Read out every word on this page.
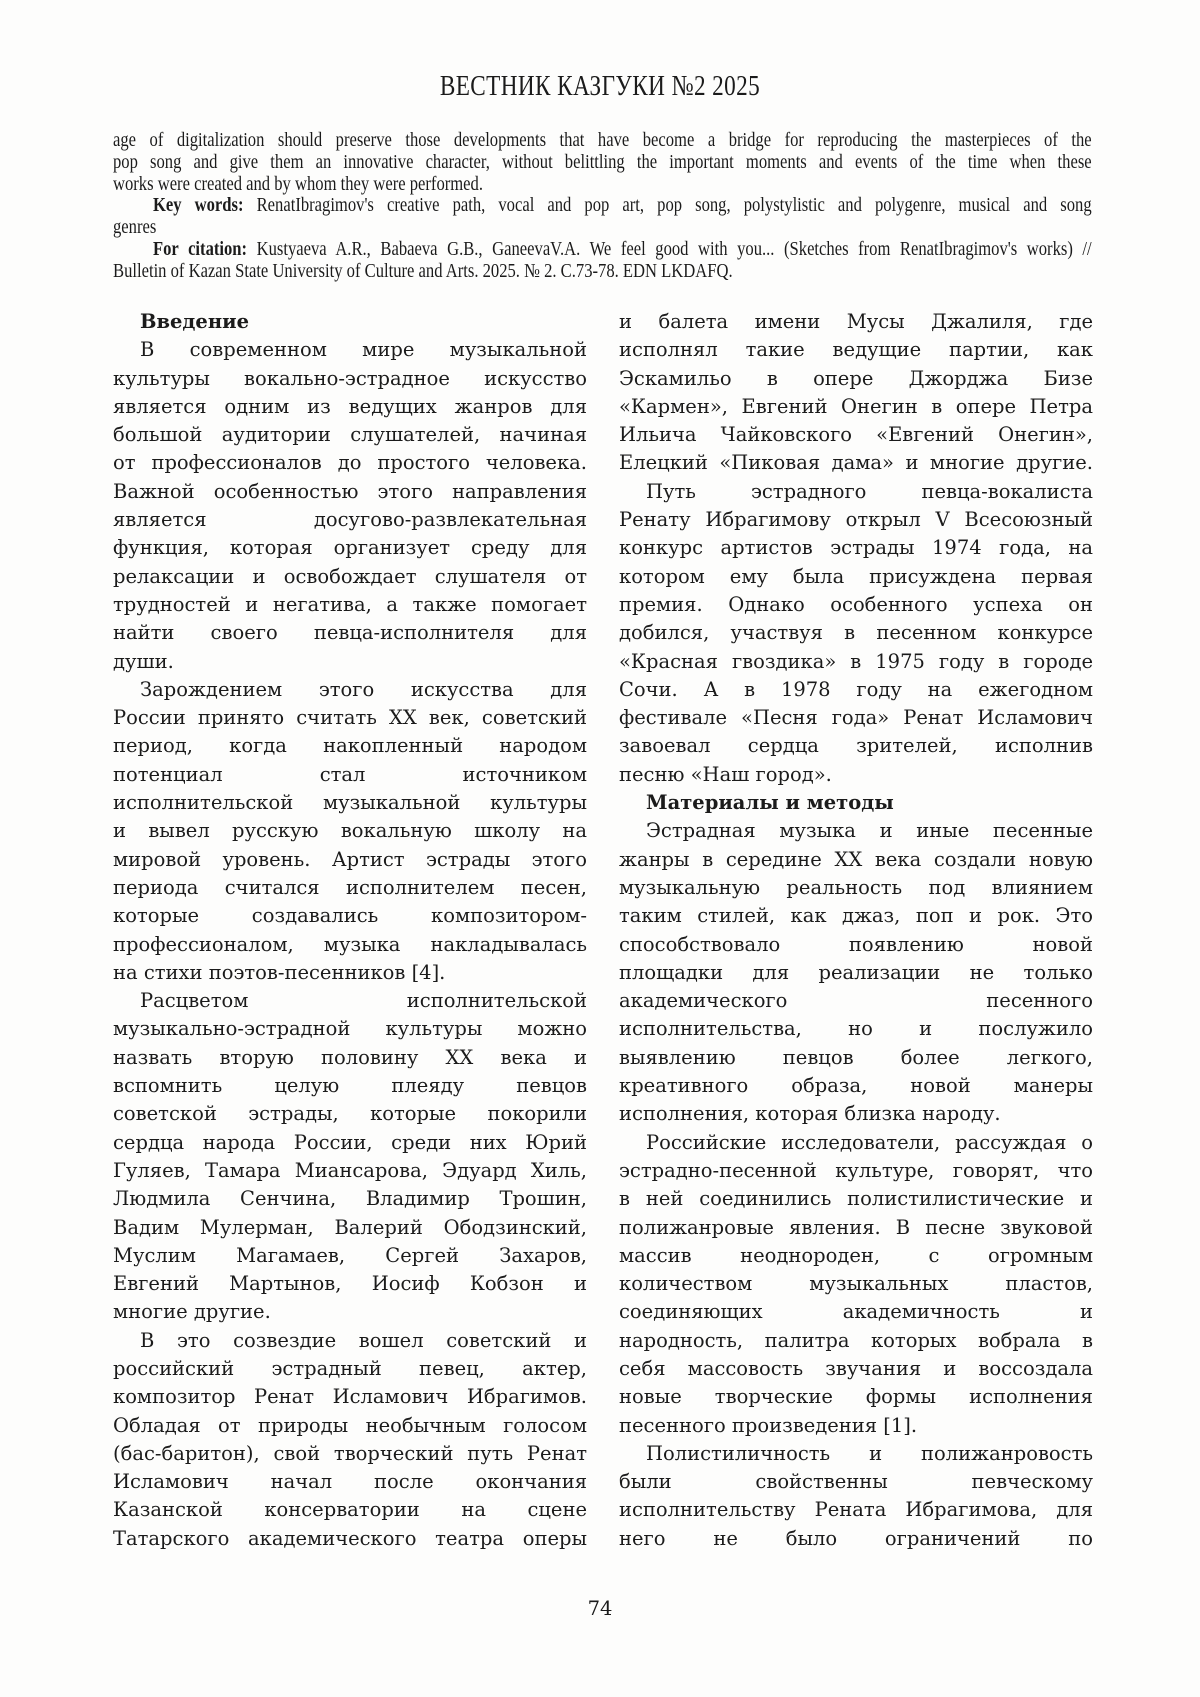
ВЕСТНИК КАЗГУКИ №2 2025
age of digitalization should preserve those developments that have become a bridge for reproducing the masterpieces of the
pop song and give them an innovative character, without belittling the important moments and events of the time when these
works were created and by whom they were performed.
Key words: RenatIbragimov's creative path, vocal and pop art, pop song, polystylistic and polygenre, musical and song
genres
For citation: Kustyaeva A.R., Babaeva G.B., GaneevaV.A. We feel good with you... (Sketches from RenatIbragimov's works) //
Bulletin of Kazan State University of Culture and Arts. 2025. № 2. С.73-78. EDN LKDAFQ.
Введение
В современном мире музыкальной
культуры вокально-эстрадное искусство
является одним из ведущих жанров для
большой аудитории слушателей, начиная
от профессионалов до простого человека.
Важной особенностью этого направления
является досугово-развлекательная
функция, которая организует среду для
релаксации и освобождает слушателя от
трудностей и негатива, а также помогает
найти своего певца-исполнителя для
души.
Зарождением этого искусства для
России принято считать XX век, советский
период, когда накопленный народом
потенциал стал источником
исполнительской музыкальной культуры
и вывел русскую вокальную школу на
мировой уровень. Артист эстрады этого
периода считался исполнителем песен,
которые создавались композитором-
профессионалом, музыка накладывалась
на стихи поэтов-песенников [4].
Расцветом исполнительской
музыкально-эстрадной культуры можно
назвать вторую половину XX века и
вспомнить целую плеяду певцов
советской эстрады, которые покорили
сердца народа России, среди них Юрий
Гуляев, Тамара Миансарова, Эдуард Хиль,
Людмила Сенчина, Владимир Трошин,
Вадим Мулерман, Валерий Ободзинский,
Муслим Магамаев, Сергей Захаров,
Евгений Мартынов, Иосиф Кобзон и
многие другие.
В это созвездие вошел советский и
российский эстрадный певец, актер,
композитор Ренат Исламович Ибрагимов.
Обладая от природы необычным голосом
(бас-баритон), свой творческий путь Ренат
Исламович начал после окончания
Казанской консерватории на сцене
Татарского академического театра оперы
и балета имени Мусы Джалиля, где
исполнял такие ведущие партии, как
Эскамильо в опере Джорджа Бизе
«Кармен», Евгений Онегин в опере Петра
Ильича Чайковского «Евгений Онегин»,
Елецкий «Пиковая дама» и многие другие.
Путь эстрадного певца-вокалиста
Ренату Ибрагимову открыл V Всесоюзный
конкурс артистов эстрады 1974 года, на
котором ему была присуждена первая
премия. Однако особенного успеха он
добился, участвуя в песенном конкурсе
«Красная гвоздика» в 1975 году в городе
Сочи. А в 1978 году на ежегодном
фестивале «Песня года» Ренат Исламович
завоевал сердца зрителей, исполнив
песню «Наш город».
Материалы и методы
Эстрадная музыка и иные песенные
жанры в середине XX века создали новую
музыкальную реальность под влиянием
таким стилей, как джаз, поп и рок. Это
способствовало появлению новой
площадки для реализации не только
академического песенного
исполнительства, но и послужило
выявлению певцов более легкого,
креативного образа, новой манеры
исполнения, которая близка народу.
Российские исследователи, рассуждая о
эстрадно-песенной культуре, говорят, что
в ней соединились полистилистические и
полижанровые явления. В песне звуковой
массив неоднороден, с огромным
количеством музыкальных пластов,
соединяющих академичность и
народность, палитра которых вобрала в
себя массовость звучания и воссоздала
новые творческие формы исполнения
песенного произведения [1].
Полистиличность и полижанровость
были свойственны певческому
исполнительству Рената Ибрагимова, для
него не было ограничений по
74
